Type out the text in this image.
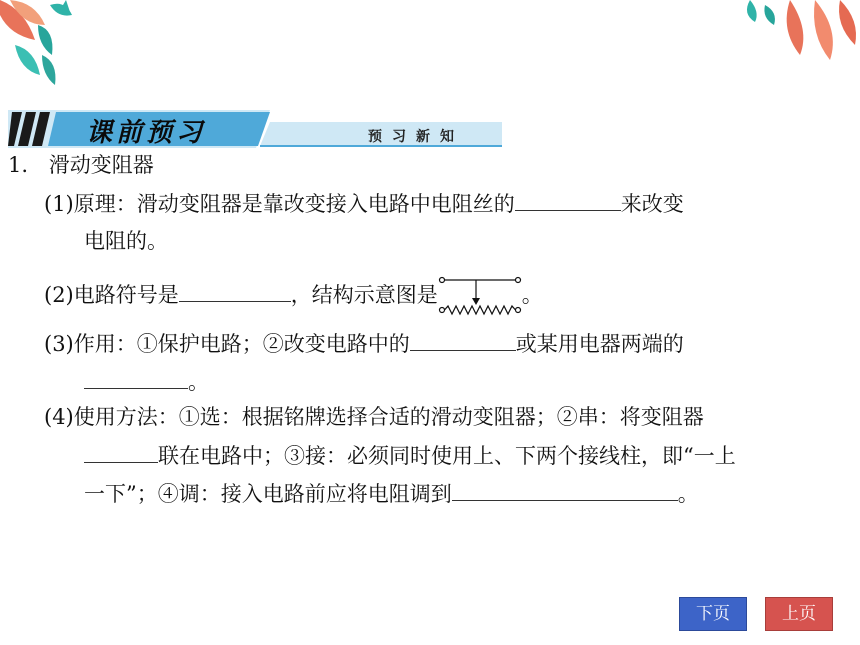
课前预习	预习新知
1. 滑动变阻器
(1)原理：滑动变阻器是靠改变接入电路中电阻丝的	来改变
电阻的。
(2)电路符号是	，结构示意图是	。
(3)作用：①保护电路；②改变电路中的	或某用电器两端的
。
(4)使用方法：①选：根据铭牌选择合适的滑动变阻器；②串：将变阻器
联在电路中；③接：必须同时使用上、下两个接线柱，即“一上
一下”；④调：接入电路前应将电阻调到	。
下页	上页
